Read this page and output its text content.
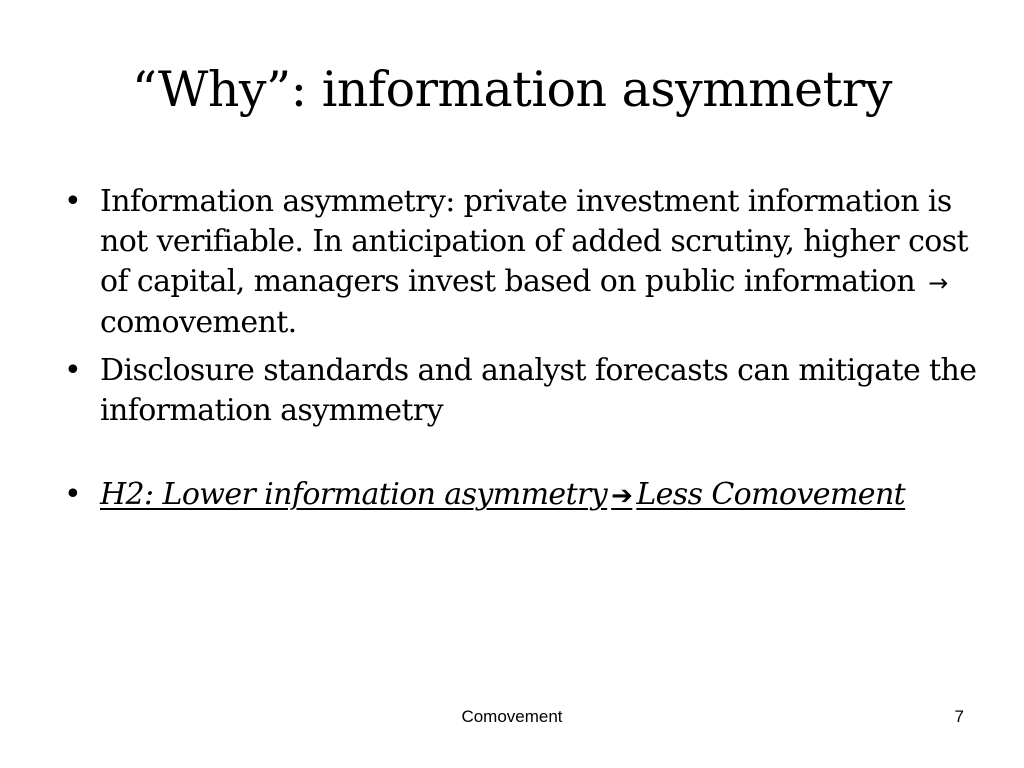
“Why”: information asymmetry
• Information asymmetry: private investment information is not verifiable. In anticipation of added scrutiny, higher cost of capital, managers invest based on public information → comovement.
• Disclosure standards and analyst forecasts can mitigate the information asymmetry
• H2: Lower information asymmetry ➔ Less Comovement
Comovement	7
